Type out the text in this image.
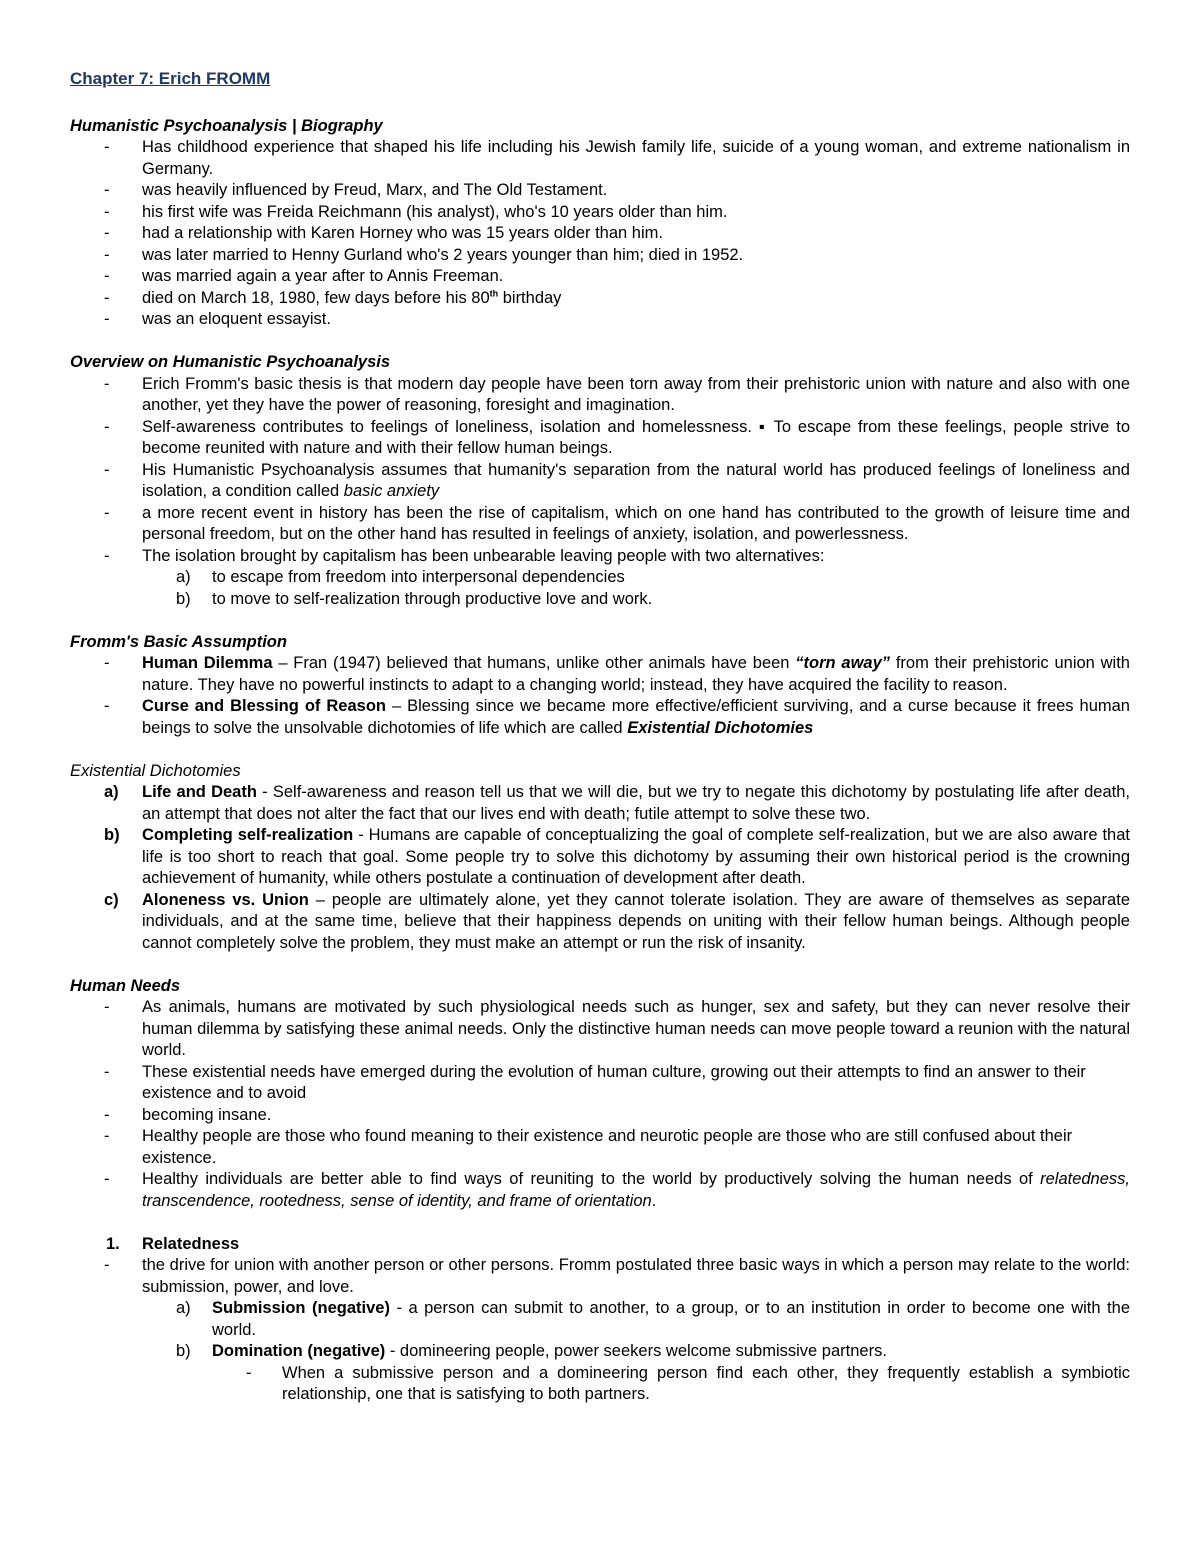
Chapter 7: Erich FROMM
Humanistic Psychoanalysis | Biography
- Has childhood experience that shaped his life including his Jewish family life, suicide of a young woman, and extreme nationalism in Germany.
- was heavily influenced by Freud, Marx, and The Old Testament.
- his first wife was Freida Reichmann (his analyst), who's 10 years older than him.
- had a relationship with Karen Horney who was 15 years older than him.
- was later married to Henny Gurland who's 2 years younger than him; died in 1952.
- was married again a year after to Annis Freeman.
- died on March 18, 1980, few days before his 80th birthday
- was an eloquent essayist.
Overview on Humanistic Psychoanalysis
- Erich Fromm's basic thesis is that modern day people have been torn away from their prehistoric union with nature and also with one another, yet they have the power of reasoning, foresight and imagination.
- Self-awareness contributes to feelings of loneliness, isolation and homelessness. ▪ To escape from these feelings, people strive to become reunited with nature and with their fellow human beings.
- His Humanistic Psychoanalysis assumes that humanity's separation from the natural world has produced feelings of loneliness and isolation, a condition called basic anxiety
- a more recent event in history has been the rise of capitalism, which on one hand has contributed to the growth of leisure time and personal freedom, but on the other hand has resulted in feelings of anxiety, isolation, and powerlessness.
- The isolation brought by capitalism has been unbearable leaving people with two alternatives:
a) to escape from freedom into interpersonal dependencies
b) to move to self-realization through productive love and work.
Fromm's Basic Assumption
- Human Dilemma – Fran (1947) believed that humans, unlike other animals have been “torn away” from their prehistoric union with nature. They have no powerful instincts to adapt to a changing world; instead, they have acquired the facility to reason.
- Curse and Blessing of Reason – Blessing since we became more effective/efficient surviving, and a curse because it frees human beings to solve the unsolvable dichotomies of life which are called Existential Dichotomies
Existential Dichotomies
a) Life and Death - Self-awareness and reason tell us that we will die, but we try to negate this dichotomy by postulating life after death, an attempt that does not alter the fact that our lives end with death; futile attempt to solve these two.
b) Completing self-realization - Humans are capable of conceptualizing the goal of complete self-realization, but we are also aware that life is too short to reach that goal. Some people try to solve this dichotomy by assuming their own historical period is the crowning achievement of humanity, while others postulate a continuation of development after death.
c) Aloneness vs. Union – people are ultimately alone, yet they cannot tolerate isolation. They are aware of themselves as separate individuals, and at the same time, believe that their happiness depends on uniting with their fellow human beings. Although people cannot completely solve the problem, they must make an attempt or run the risk of insanity.
Human Needs
- As animals, humans are motivated by such physiological needs such as hunger, sex and safety, but they can never resolve their human dilemma by satisfying these animal needs. Only the distinctive human needs can move people toward a reunion with the natural world.
- These existential needs have emerged during the evolution of human culture, growing out their attempts to find an answer to their existence and to avoid
- becoming insane.
- Healthy people are those who found meaning to their existence and neurotic people are those who are still confused about their existence.
- Healthy individuals are better able to find ways of reuniting to the world by productively solving the human needs of relatedness, transcendence, rootedness, sense of identity, and frame of orientation.
1. Relatedness
- the drive for union with another person or other persons. Fromm postulated three basic ways in which a person may relate to the world: submission, power, and love.
a) Submission (negative) - a person can submit to another, to a group, or to an institution in order to become one with the world.
b) Domination (negative) - domineering people, power seekers welcome submissive partners.
- When a submissive person and a domineering person find each other, they frequently establish a symbiotic relationship, one that is satisfying to both partners.
